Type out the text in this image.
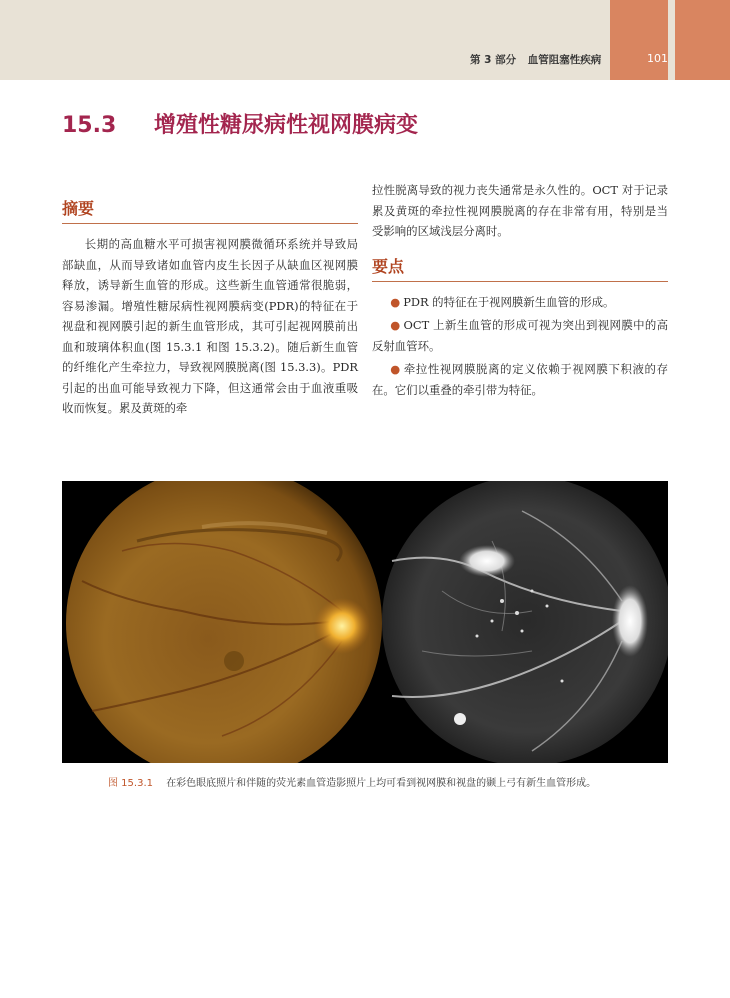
第 3 部分 血管阻塞性疾病	101
15.3 增殖性糖尿病性视网膜病变
摘要

长期的高血糖水平可损害视网膜微循环系统并导致局部缺血，从而导致诸如血管内皮生长因子从缺血区视网膜释放，诱导新生血管的形成。这些新生血管通常很脆弱，容易渗漏。增殖性糖尿病性视网膜病变(PDR)的特征在于视盘和视网膜引起的新生血管形成，其可引起视网膜前出血和玻璃体积血(图 15.3.1 和图 15.3.2)。随后新生血管的纤维化产生牵拉力，导致视网膜脱离(图 15.3.3)。PDR 引起的出血可能导致视力下降，但这通常会由于血液重吸收而恢复。累及黄斑的牵

拉性脱离导致的视力丧失通常是永久性的。OCT 对于记录累及黄斑的牵拉性视网膜脱离的存在非常有用，特别是当受影响的区域浅层分离时。

要点

● PDR 的特征在于视网膜新生血管的形成。

● OCT 上新生血管的形成可视为突出到视网膜中的高反射血管环。

● 牵拉性视网膜脱离的定义依赖于视网膜下积液的存在。它们以重叠的牵引带为特征。

图 15.3.1 在彩色眼底照片和伴随的荧光素血管造影照片上均可看到视网膜和视盘的颞上弓有新生血管形成。
